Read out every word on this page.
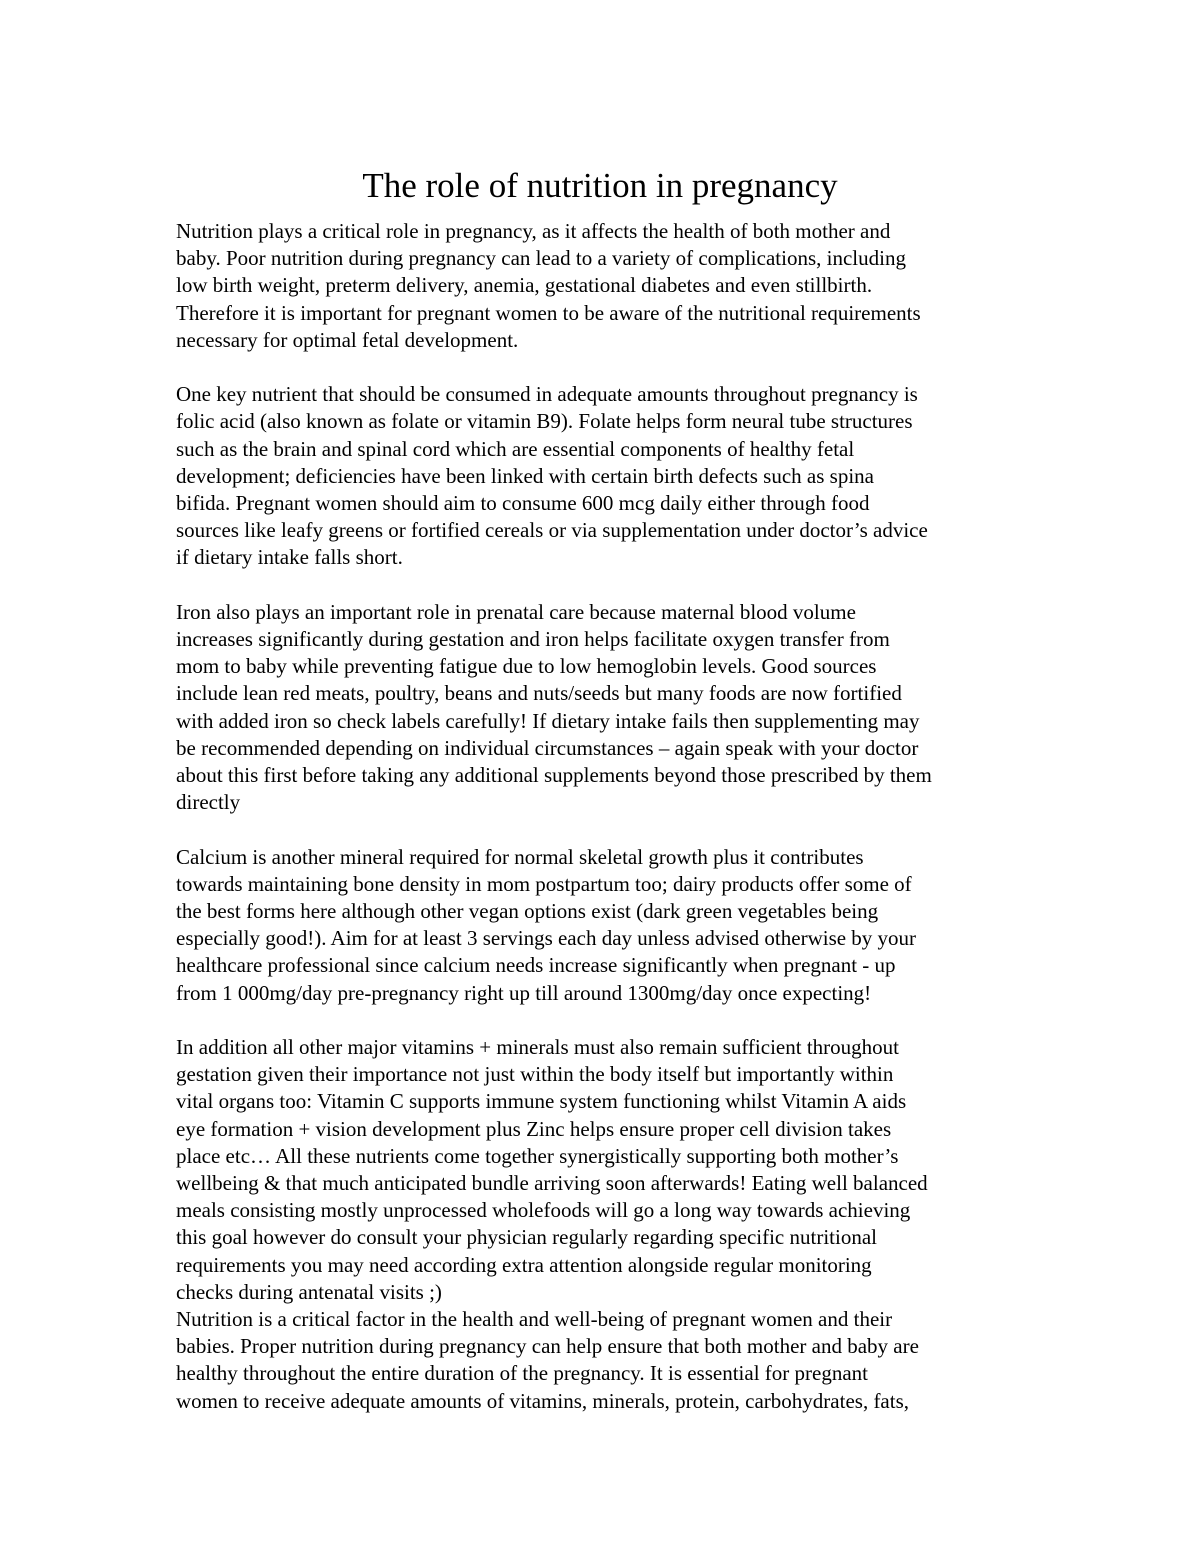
The role of nutrition in pregnancy

Nutrition plays a critical role in pregnancy, as it affects the health of both mother and
baby. Poor nutrition during pregnancy can lead to a variety of complications, including
low birth weight, preterm delivery, anemia, gestational diabetes and even stillbirth.
Therefore it is important for pregnant women to be aware of the nutritional requirements
necessary for optimal fetal development.

One key nutrient that should be consumed in adequate amounts throughout pregnancy is
folic acid (also known as folate or vitamin B9). Folate helps form neural tube structures
such as the brain and spinal cord which are essential components of healthy fetal
development; deficiencies have been linked with certain birth defects such as spina
bifida. Pregnant women should aim to consume 600 mcg daily either through food
sources like leafy greens or fortified cereals or via supplementation under doctor’s advice
if dietary intake falls short.

Iron also plays an important role in prenatal care because maternal blood volume
increases significantly during gestation and iron helps facilitate oxygen transfer from
mom to baby while preventing fatigue due to low hemoglobin levels. Good sources
include lean red meats, poultry, beans and nuts/seeds but many foods are now fortified
with added iron so check labels carefully! If dietary intake fails then supplementing may
be recommended depending on individual circumstances – again speak with your doctor
about this first before taking any additional supplements beyond those prescribed by them
directly

Calcium is another mineral required for normal skeletal growth plus it contributes
towards maintaining bone density in mom postpartum too; dairy products offer some of
the best forms here although other vegan options exist (dark green vegetables being
especially good!). Aim for at least 3 servings each day unless advised otherwise by your
healthcare professional since calcium needs increase significantly when pregnant - up
from 1 000mg/day pre-pregnancy right up till around 1300mg/day once expecting!

In addition all other major vitamins + minerals must also remain sufficient throughout
gestation given their importance not just within the body itself but importantly within
vital organs too: Vitamin C supports immune system functioning whilst Vitamin A aids
eye formation + vision development plus Zinc helps ensure proper cell division takes
place etc… All these nutrients come together synergistically supporting both mother’s
wellbeing & that much anticipated bundle arriving soon afterwards! Eating well balanced
meals consisting mostly unprocessed wholefoods will go a long way towards achieving
this goal however do consult your physician regularly regarding specific nutritional
requirements you may need according extra attention alongside regular monitoring
checks during antenatal visits ;)

Nutrition is a critical factor in the health and well-being of pregnant women and their
babies. Proper nutrition during pregnancy can help ensure that both mother and baby are
healthy throughout the entire duration of the pregnancy. It is essential for pregnant
women to receive adequate amounts of vitamins, minerals, protein, carbohydrates, fats,
